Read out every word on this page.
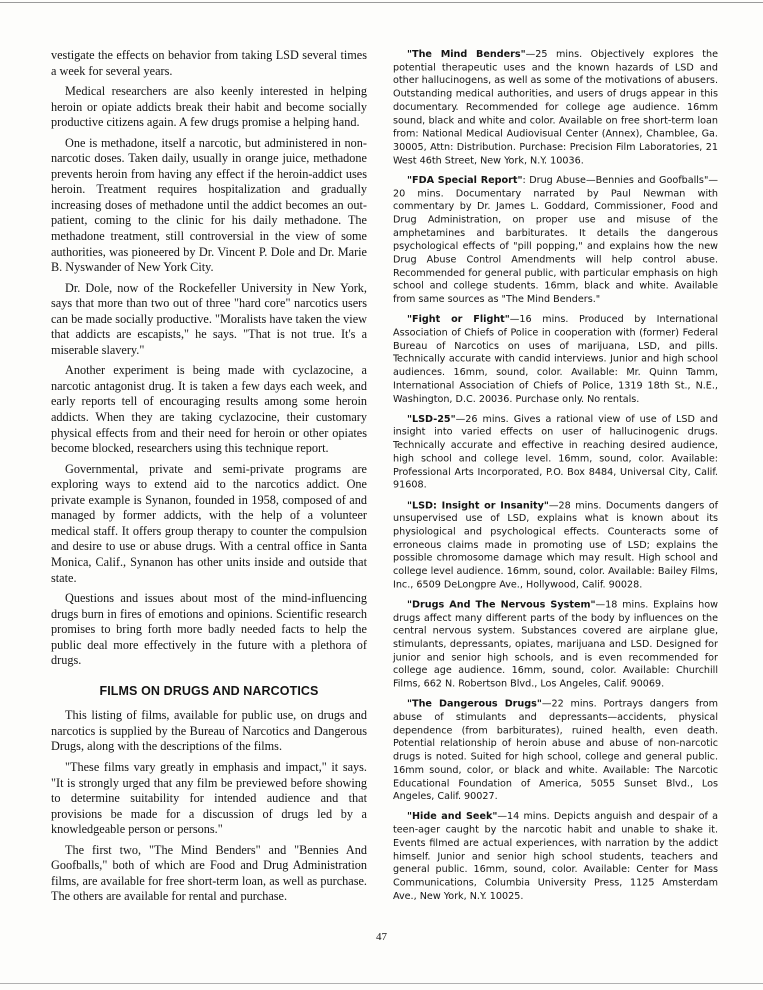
vestigate the effects on behavior from taking LSD several times a week for several years.

Medical researchers are also keenly interested in helping heroin or opiate addicts break their habit and become socially productive citizens again. A few drugs promise a helping hand.

One is methadone, itself a narcotic, but administered in non-narcotic doses. Taken daily, usually in orange juice, methadone prevents heroin from having any effect if the heroin-addict uses heroin. Treatment requires hospitalization and gradually increasing doses of methadone until the addict becomes an out-patient, coming to the clinic for his daily methadone. The methadone treatment, still controversial in the view of some authorities, was pioneered by Dr. Vincent P. Dole and Dr. Marie B. Nyswander of New York City.

Dr. Dole, now of the Rockefeller University in New York, says that more than two out of three "hard core" narcotics users can be made socially productive. "Moralists have taken the view that addicts are escapists," he says. "That is not true. It's a miserable slavery."

Another experiment is being made with cyclazocine, a narcotic antagonist drug. It is taken a few days each week, and early reports tell of encouraging results among some heroin addicts. When they are taking cyclazocine, their customary physical effects from and their need for heroin or other opiates become blocked, researchers using this technique report.

Governmental, private and semi-private programs are exploring ways to extend aid to the narcotics addict. One private example is Synanon, founded in 1958, composed of and managed by former addicts, with the help of a volunteer medical staff. It offers group therapy to counter the compulsion and desire to use or abuse drugs. With a central office in Santa Monica, Calif., Synanon has other units inside and outside that state.

Questions and issues about most of the mind-influencing drugs burn in fires of emotions and opinions. Scientific research promises to bring forth more badly needed facts to help the public deal more effectively in the future with a plethora of drugs.

FILMS ON DRUGS AND NARCOTICS

This listing of films, available for public use, on drugs and narcotics is supplied by the Bureau of Narcotics and Dangerous Drugs, along with the descriptions of the films.

"These films vary greatly in emphasis and impact," it says. "It is strongly urged that any film be previewed before showing to determine suitability for intended audience and that provisions be made for a discussion of drugs led by a knowledgeable person or persons."

The first two, "The Mind Benders" and "Bennies And Goofballs," both of which are Food and Drug Administration films, are available for free short-term loan, as well as purchase. The others are available for rental and purchase.

"The Mind Benders"—25 mins. Objectively explores the potential therapeutic uses and the known hazards of LSD and other hallucinogens, as well as some of the motivations of abusers. Outstanding medical authorities, and users of drugs appear in this documentary. Recommended for college age audience. 16mm sound, black and white and color. Available on free short-term loan from: National Medical Audiovisual Center (Annex), Chamblee, Ga. 30005, Attn: Distribution. Purchase: Precision Film Laboratories, 21 West 46th Street, New York, N.Y. 10036.

"FDA Special Report": Drug Abuse—Bennies and Goofballs"—20 mins. Documentary narrated by Paul Newman with commentary by Dr. James L. Goddard, Commissioner, Food and Drug Administration, on proper use and misuse of the amphetamines and barbiturates. It details the dangerous psychological effects of "pill popping," and explains how the new Drug Abuse Control Amendments will help control abuse. Recommended for general public, with particular emphasis on high school and college students. 16mm, black and white. Available from same sources as "The Mind Benders."

"Fight or Flight"—16 mins. Produced by International Association of Chiefs of Police in cooperation with (former) Federal Bureau of Narcotics on uses of marijuana, LSD, and pills. Technically accurate with candid interviews. Junior and high school audiences. 16mm, sound, color. Available: Mr. Quinn Tamm, International Association of Chiefs of Police, 1319 18th St., N.E., Washington, D.C. 20036. Purchase only. No rentals.

"LSD-25"—26 mins. Gives a rational view of use of LSD and insight into varied effects on user of hallucinogenic drugs. Technically accurate and effective in reaching desired audience, high school and college level. 16mm, sound, color. Available: Professional Arts Incorporated, P.O. Box 8484, Universal City, Calif. 91608.

"LSD: Insight or Insanity"—28 mins. Documents dangers of unsupervised use of LSD, explains what is known about its physiological and psychological effects. Counteracts some of erroneous claims made in promoting use of LSD; explains the possible chromosome damage which may result. High school and college level audience. 16mm, sound, color. Available: Bailey Films, Inc., 6509 DeLongpre Ave., Hollywood, Calif. 90028.

"Drugs And The Nervous System"—18 mins. Explains how drugs affect many different parts of the body by influences on the central nervous system. Substances covered are airplane glue, stimulants, depressants, opiates, marijuana and LSD. Designed for junior and senior high schools, and is even recommended for college age audience. 16mm, sound, color. Available: Churchill Films, 662 N. Robertson Blvd., Los Angeles, Calif. 90069.

"The Dangerous Drugs"—22 mins. Portrays dangers from abuse of stimulants and depressants—accidents, physical dependence (from barbiturates), ruined health, even death. Potential relationship of heroin abuse and abuse of non-narcotic drugs is noted. Suited for high school, college and general public. 16mm sound, color, or black and white. Available: The Narcotic Educational Foundation of America, 5055 Sunset Blvd., Los Angeles, Calif. 90027.

"Hide and Seek"—14 mins. Depicts anguish and despair of a teen-ager caught by the narcotic habit and unable to shake it. Events filmed are actual experiences, with narration by the addict himself. Junior and senior high school students, teachers and general public. 16mm, sound, color. Available: Center for Mass Communications, Columbia University Press, 1125 Amsterdam Ave., New York, N.Y. 10025.

47
